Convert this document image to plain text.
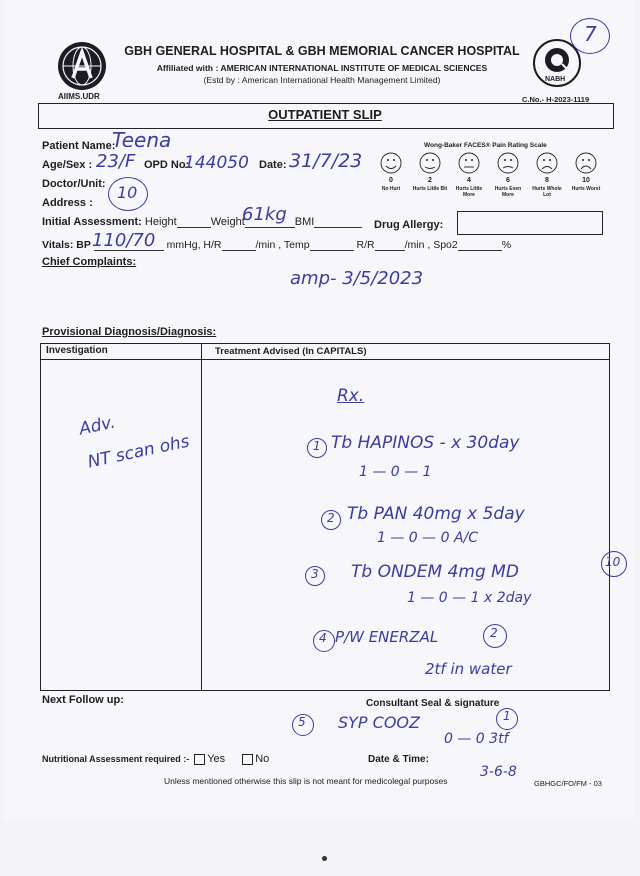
AIIMS.UDR
GBH GENERAL HOSPITAL & GBH MEMORIAL CANCER HOSPITAL
Affiliated with : AMERICAN INTERNATIONAL INSTITUTE OF MEDICAL SCIENCES
(Estd by : American International Health Management Limited)	NABH
7
C.No.- H-2023-1119
OUTPATIENT SLIP
Patient Name:
Teena
Age/Sex : 23/F OPD No:
144050 Date: 31/7/23
Doctor/Unit: 10
Address :
Wong-Baker FACES® Pain Rating Scale
0	2	4	6	8	10
No Hurt	Hurts Little Bit	Hurts Little More
Hurts Even More
Hurts Whole Lot
Hurts Worst
Initial Assessment: Height	Weight	BMI
61kg	Drug Allergy:
Vitals: BP	mmHg, H/R	/min , Temp	R/R	/min , Spo2	%
110/70
Chief Complaints:
amp- 3/5/2023
Provisional Diagnosis/Diagnosis:
Investigation	Treatment Advised (In CAPITALS)
Adv.
NT scan ohs
Rx.
1 Tb HAPINOS - x 30day
1 — 0 — 1
2 Tb PAN 40mg x 5day
1 — 0 — 0 A/C
3 Tb ONDEM 4mg MD	10
1 — 0 — 1 x 2day
4 P/W ENERZAL	2
2tf in water
Next Follow up:	Consultant Seal & signature
5 SYP COOZ	1
0 — 0 3tf
Nutritional Assessment required :- Yes	No	Date & Time:
3-6-8
Unless mentioned otherwise this slip is not meant for medicolegal purposes	GBHGC/FO/FM - 03
